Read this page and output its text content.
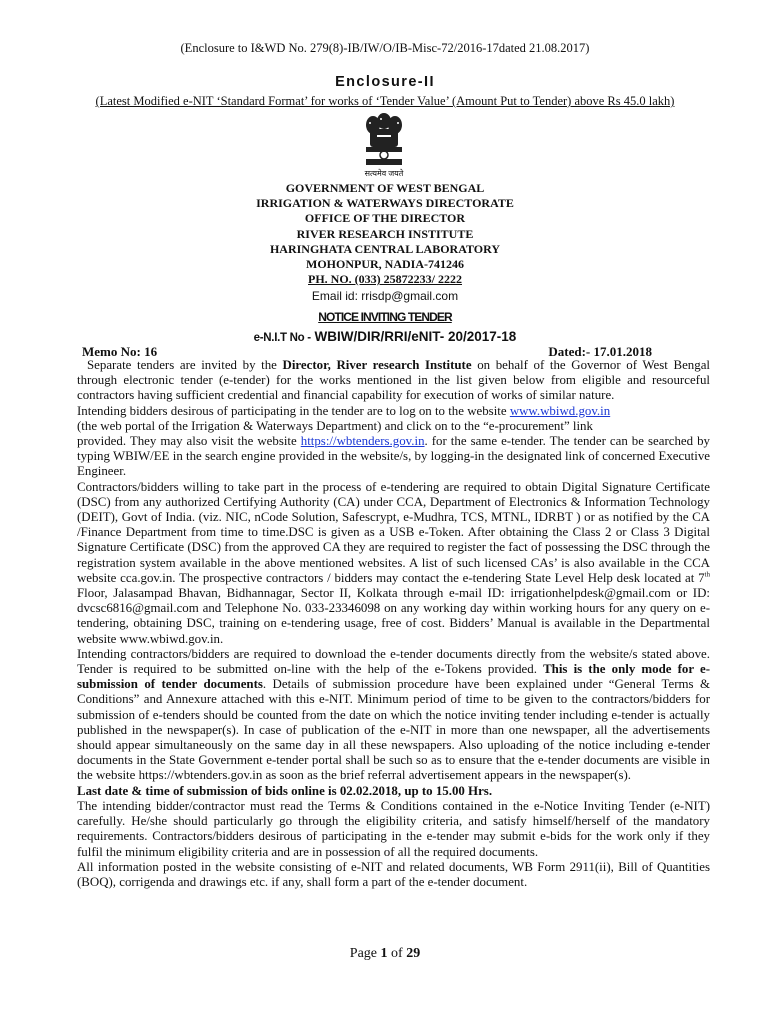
(Enclosure to I&WD No. 279(8)-IB/IW/O/IB-Misc-72/2016-17dated 21.08.2017)
Enclosure-II
(Latest Modified e-NIT ‘Standard Format’ for works of ‘Tender Value’ (Amount Put to Tender) above Rs 45.0 lakh)
सत्यमेव जयते
GOVERNMENT OF WEST BENGAL
IRRIGATION & WATERWAYS DIRECTORATE
OFFICE OF THE DIRECTOR
RIVER RESEARCH INSTITUTE
HARINGHATA CENTRAL LABORATORY
MOHONPUR, NADIA-741246
PH. NO. (033) 25872233/ 2222
Email id: rrisdp@gmail.com
NOTICE INVITING TENDER
e-N.I.T No - WBIW/DIR/RRI/eNIT- 20/2017-18
Memo No: 16	Dated:- 17.01.2018

Separate tenders are invited by the Director, River research Institute on behalf of the Governor of West Bengal through electronic tender (e-tender) for the works mentioned in the list given below from eligible and resourceful contractors having sufficient credential and financial capability for execution of works of similar nature.

Intending bidders desirous of participating in the tender are to log on to the website www.wbiwd.gov.in
(the web portal of the Irrigation & Waterways Department) and click on to the “e-procurement” link
provided. They may also visit the website https://wbtenders.gov.in. for the same e-tender. The tender can be searched by typing WBIW/EE in the search engine provided in the website/s, by logging-in the designated link of concerned Executive Engineer.

Contractors/bidders willing to take part in the process of e-tendering are required to obtain Digital Signature Certificate (DSC) from any authorized Certifying Authority (CA) under CCA, Department of Electronics & Information Technology (DEIT), Govt of India. (viz. NIC, nCode Solution, Safescrypt, e-Mudhra, TCS, MTNL, IDRBT ) or as notified by the CA /Finance Department from time to time.DSC is given as a USB e-Token. After obtaining the Class 2 or Class 3 Digital Signature Certificate (DSC) from the approved CA they are required to register the fact of possessing the DSC through the registration system available in the above mentioned websites. A list of such licensed CAs’ is also available in the CCA website cca.gov.in. The prospective contractors / bidders may contact the e-tendering State Level Help desk located at 7th Floor, Jalasampad Bhavan, Bidhannagar, Sector II, Kolkata through e-mail ID: irrigationhelpdesk@gmail.com or ID: dvcsc6816@gmail.com and Telephone No. 033-23346098 on any working day within working hours for any query on e-tendering, obtaining DSC, training on e-tendering usage, free of cost. Bidders’ Manual is available in the Departmental website www.wbiwd.gov.in.

Intending contractors/bidders are required to download the e-tender documents directly from the website/s stated above. Tender is required to be submitted on-line with the help of the e-Tokens provided. This is the only mode for e-submission of tender documents. Details of submission procedure have been explained under “General Terms & Conditions” and Annexure attached with this e-NIT. Minimum period of time to be given to the contractors/bidders for submission of e-tenders should be counted from the date on which the notice inviting tender including e-tender is actually published in the newspaper(s). In case of publication of the e-NIT in more than one newspaper, all the advertisements should appear simultaneously on the same day in all these newspapers. Also uploading of the notice including e-tender documents in the State Government e-tender portal shall be such so as to ensure that the e-tender documents are visible in the website https://wbtenders.gov.in as soon as the brief referral advertisement appears in the newspaper(s).

Last date & time of submission of bids online is 02.02.2018, up to 15.00 Hrs.

The intending bidder/contractor must read the Terms & Conditions contained in the e-Notice Inviting Tender (e-NIT) carefully. He/she should particularly go through the eligibility criteria, and satisfy himself/herself of the mandatory requirements. Contractors/bidders desirous of participating in the e-tender may submit e-bids for the work only if they fulfil the minimum eligibility criteria and are in possession of all the required documents.

All information posted in the website consisting of e-NIT and related documents, WB Form 2911(ii), Bill of Quantities (BOQ), corrigenda and drawings etc. if any, shall form a part of the e-tender document.

Page 1 of 29
